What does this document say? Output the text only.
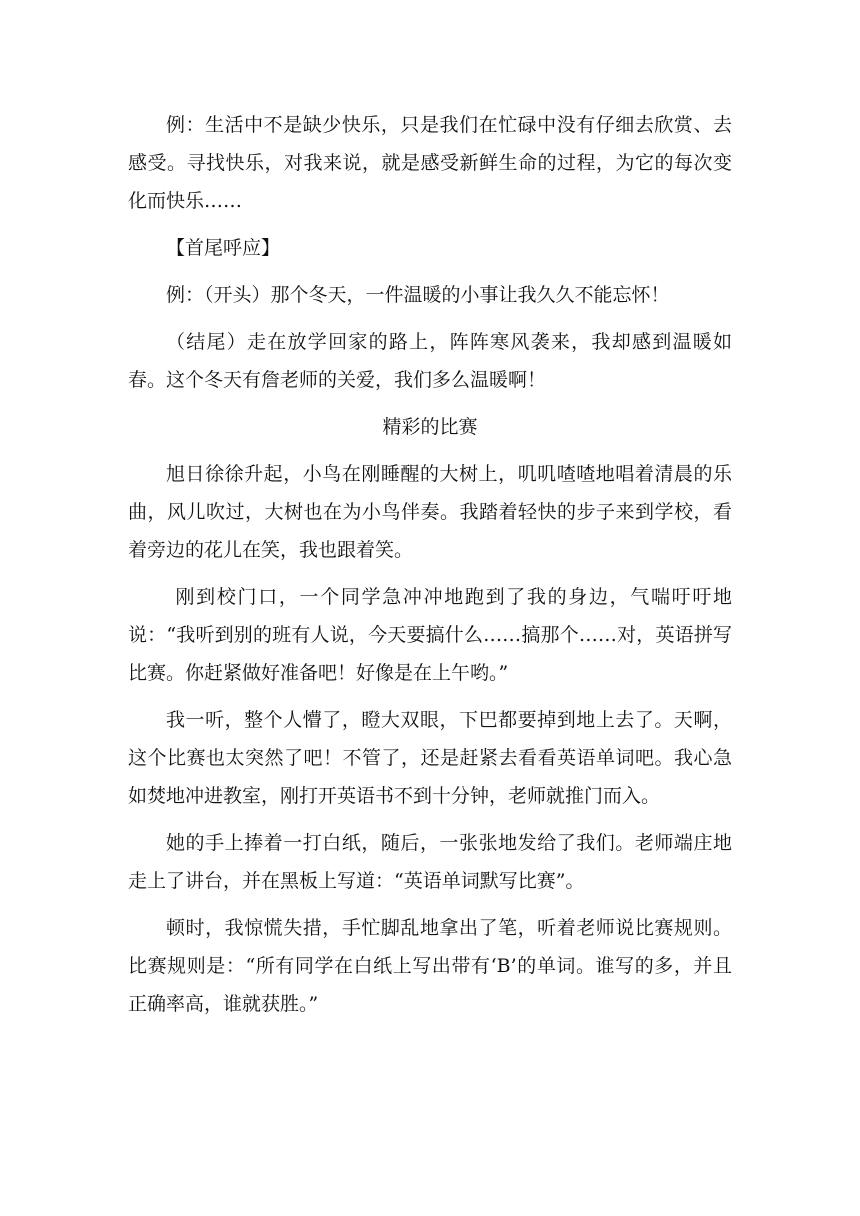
例：生活中不是缺少快乐，只是我们在忙碌中没有仔细去欣赏、去感受。寻找快乐，对我来说，就是感受新鲜生命的过程，为它的每次变化而快乐……

【首尾呼应】

例：（开头）那个冬天，一件温暖的小事让我久久不能忘怀！

（结尾）走在放学回家的路上，阵阵寒风袭来，我却感到温暖如春。这个冬天有詹老师的关爱，我们多么温暖啊！

精彩的比赛

旭日徐徐升起，小鸟在刚睡醒的大树上，叽叽喳喳地唱着清晨的乐曲，风儿吹过，大树也在为小鸟伴奏。我踏着轻快的步子来到学校，看着旁边的花儿在笑，我也跟着笑。

刚到校门口，一个同学急冲冲地跑到了我的身边，气喘吁吁地说：“我听到别的班有人说，今天要搞什么……搞那个……对，英语拼写比赛。你赶紧做好准备吧！好像是在上午哟。”

我一听，整个人懵了，瞪大双眼，下巴都要掉到地上去了。天啊，这个比赛也太突然了吧！不管了，还是赶紧去看看英语单词吧。我心急如焚地冲进教室，刚打开英语书不到十分钟，老师就推门而入。

她的手上捧着一打白纸，随后，一张张地发给了我们。老师端庄地走上了讲台，并在黑板上写道：“英语单词默写比赛”。

顿时，我惊慌失措，手忙脚乱地拿出了笔，听着老师说比赛规则。比赛规则是：“所有同学在白纸上写出带有‘B’的单词。谁写的多，并且正确率高，谁就获胜。”
